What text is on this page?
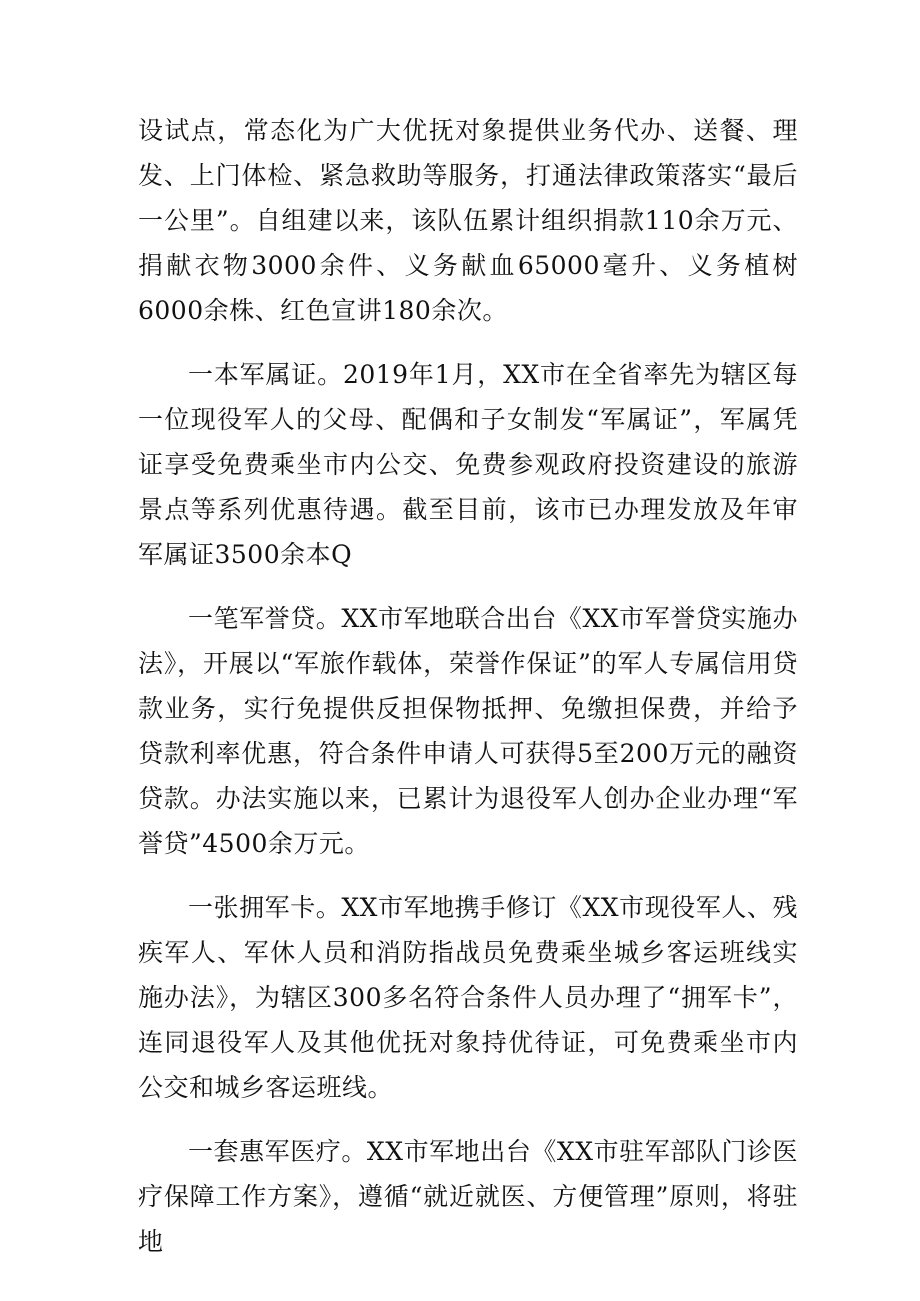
设试点，常态化为广大优抚对象提供业务代办、送餐、理发、上门体检、紧急救助等服务，打通法律政策落实“最后一公里”。自组建以来，该队伍累计组织捐款110余万元、捐献衣物3000余件、义务献血65000毫升、义务植树6000余株、红色宣讲180余次。

一本军属证。2019年1月，XX市在全省率先为辖区每一位现役军人的父母、配偶和子女制发“军属证”，军属凭证享受免费乘坐市内公交、免费参观政府投资建设的旅游景点等系列优惠待遇。截至目前，该市已办理发放及年审军属证3500余本Q

一笔军誉贷。XX市军地联合出台《XX市军誉贷实施办法》，开展以“军旅作载体，荣誉作保证”的军人专属信用贷款业务，实行免提供反担保物抵押、免缴担保费，并给予贷款利率优惠，符合条件申请人可获得5至200万元的融资贷款。办法实施以来，已累计为退役军人创办企业办理“军誉贷”4500余万元。

一张拥军卡。XX市军地携手修订《XX市现役军人、残疾军人、军休人员和消防指战员免费乘坐城乡客运班线实施办法》，为辖区300多名符合条件人员办理了“拥军卡”，连同退役军人及其他优抚对象持优待证，可免费乘坐市内公交和城乡客运班线。

一套惠军医疗。XX市军地出台《XX市驻军部队门诊医疗保障工作方案》，遵循“就近就医、方便管理”原则，将驻地
